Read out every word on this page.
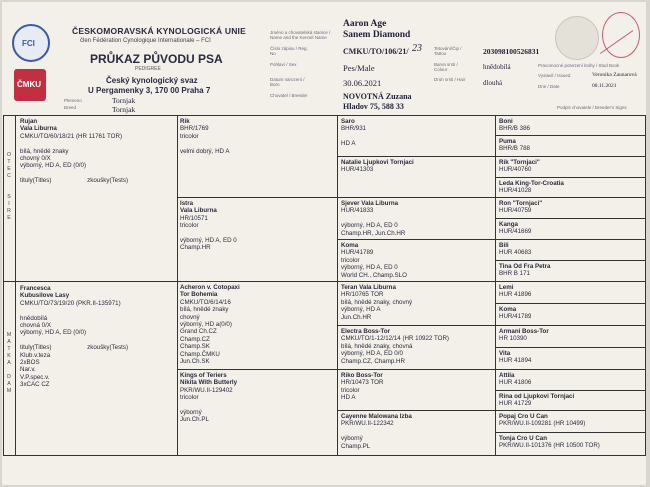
FCI
ČMKU
ČESKOMORAVSKÁ KYNOLOGICKÁ UNIE
člen Fédération Cynologique Internationale – FCI
PRŮKAZ PŮVODU PSA
PEDIGREE
Český kynologický svaz
U Pergamenky 3, 170 00 Praha 7
Plemeno
Breed
Tornjak
Tornjak
Jméno a chovatelská stanice / Name and the Kennel Name
Číslo zápisu / Reg. No
Pohlaví / Sex
Datum narození / Born
Chovatel / Breeder
Aaron Age
Sanem Diamond
CMKU/TO/106/21/ 23
Pes/Male
30.06.2021
NOVOTNÁ Zuzana
Hladov 75, 588 33
Tetování/Čip / Tattoo
Barva srsti / Colour
Druh srsti / Hair
203098100526831
hnědobílá
dlouhá
Pravomocné potvrzení knihy / Stud Book
Vystavil / Issued	Veronika Zaunarová
Dne / Date	08.11.2021
Podpis chovatele / Breeder's Signs
O
T
E
C

S
I
R
E
M
A
T
K
A

D
A
M
Rujan
Vala Liburna
CMKU/TO/60/18/21 (HR 11761 TOR)

bílá, hnědé znaky
chovný 0/X
výborný, HD A, ED (0/0)

tituly(Titles)	zkoušky(Tests)
Francesca
Kubusilove Lasy
CMKU/TO/73/19/20 (PKR.II-135971)

hnědobílá
chovná 0/X
výborný, HD A, ED (0/0)

tituly(Titles)	zkoušky(Tests)
Klub.v.teza
2xBOS
Nar.v.
V.P.spec.v.
3xCAC CZ
Rik
BHR/1769
tricolor

velmi dobrý, HD A
Istra
Vala Liburna
HR/10571
tricolor

výborný, HD A, ED 0
Champ.HR
Acheron v. Cotopaxi
Tor Bohemia
CMKU/TO/6/14/16
bílá, hnědé znaky
chovný
výborný, HD a(0/0)
Grand Ch.CZ
Champ.CZ
Champ.SK
Champ.ČMKU
Jun.Ch.SK
Kings of Teriers
Nikita With Butterly
PKR/WU.II-129402
tricolor

výborný
Jun.Ch.PL
Šaro
BHR/931

HD A
Natalie Ljupkovi Tornjaci
HUR/41303
Sjever Vala Liburna
HUR/41833

výborný, HD A, ED 0
Champ.HR, Jun.Ch.HR
Koma
HUR/41789
tricolor
výborný, HD A, ED 0
World CH., Champ.SLO
Teran Vala Liburna
HR/10765 TOR
bílá, hnědé znaky, chovný
výborný, HD A
Jun.Ch.HR
Electra Boss-Tor
CMKU/TO/1-12/12/14 (HR 10922 TOR)
bílá, hnědé znaky, chovná
výborný, HD A, ED 0/0
Champ.CZ, Champ.HR
Riko Boss-Tor
HR/10473 TOR
tricolor
HD A
Cayenne Malowana Izba
PKR/WU.II-122342

výborný
Champ.PL
Boni
BHR/B 386
Puma
BHR/B 788
Rik "Tornjaci"
HUR/40760
Leda King-Tor-Croatia
HUR/41028
Ron "Tornjaci"
HUR/40759
Kanga
HUR/41669
Bili
HUR 40683
Tina Od Fra Petra
BHR B 171
Lemi
HUR 41896
Koma
HUR/41789
Armani Boss-Tor
HR 10390
Vita
HUR 41894
Attila
HUR 41806
Rina od Ljupkovi Tornjaci
HUR 41729
Popaj Cro U Can
PKR/WU.II-109281 (HR 10499)
Tonja Cro U Can
PKR/WU.II-101376 (HR 10500 TOR)
